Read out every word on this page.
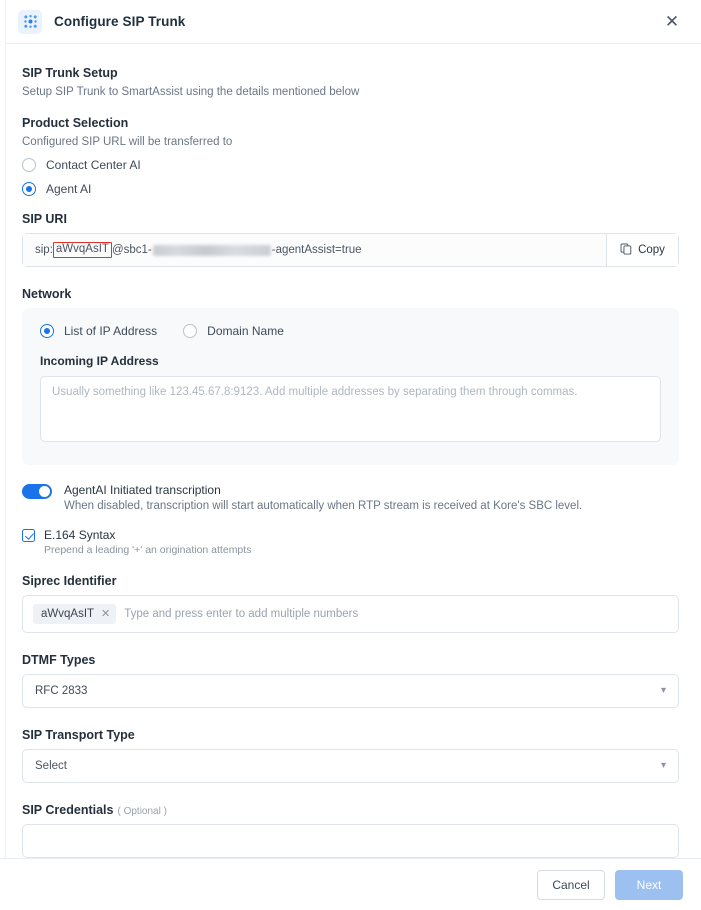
Configure SIP Trunk	✕
SIP Trunk Setup
Setup SIP Trunk to SmartAssist using the details mentioned below
Product Selection
Configured SIP URL will be transferred to
Contact Center AI
Agent AI
SIP URI
sip: aWvqAsIT @sbc1-	-agentAssist=true	Copy
Network
List of IP Address	Domain Name
Incoming IP Address
Usually something like 123.45.67.8:9123. Add multiple addresses by separating them through commas.
AgentAI Initiated transcription
When disabled, transcription will start automatically when RTP stream is received at Kore's SBC level.
E.164 Syntax
Prepend a leading '+' an origination attempts
Siprec Identifier
aWvqAsIT ✕ Type and press enter to add multiple numbers
DTMF Types
RFC 2833	▾
SIP Transport Type
Select	▾
SIP Credentials ( Optional )
Cancel	Next
